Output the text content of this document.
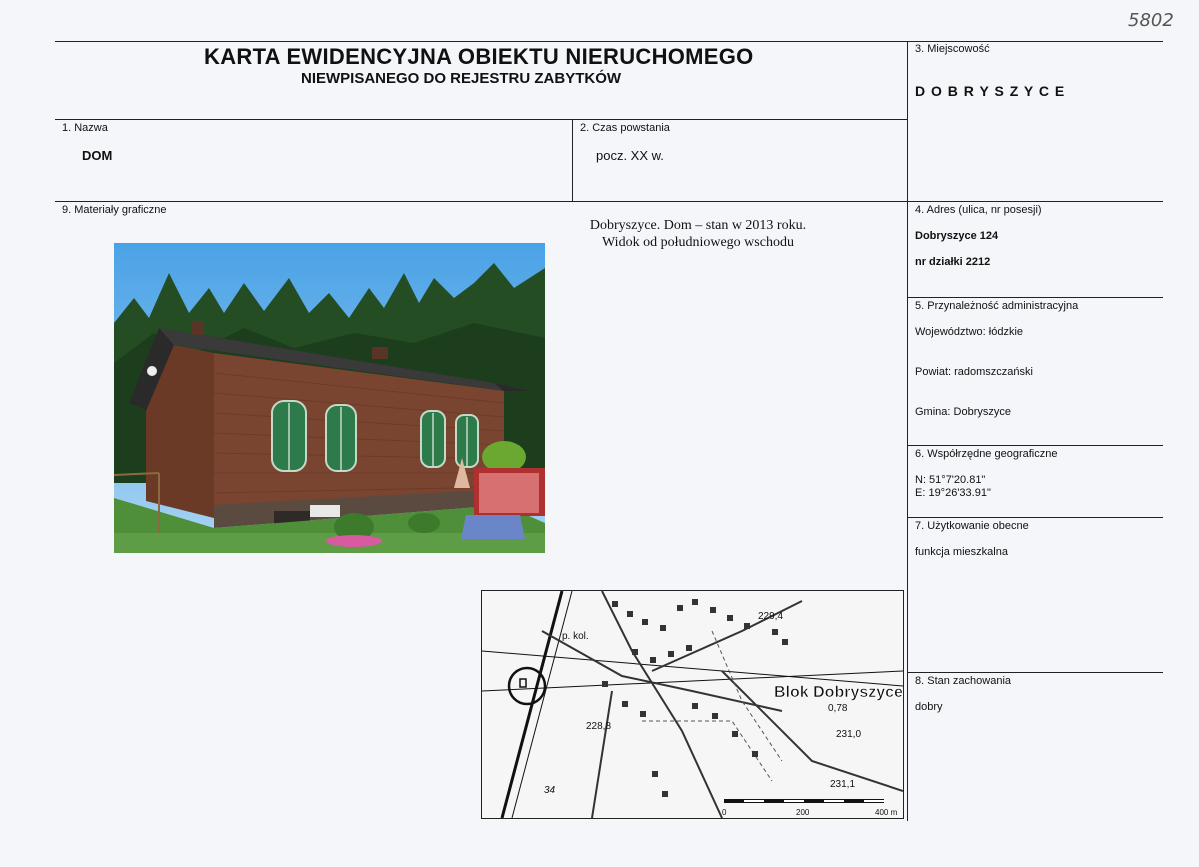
5802
KARTA EWIDENCYJNA OBIEKTU NIERUCHOMEGO
NIEWPISANEGO DO REJESTRU ZABYTKÓW
3. Miejscowość
D O B R Y S Z Y C E
1. Nazwa
DOM
2. Czas powstania
pocz. XX w.
9. Materiały graficzne
Dobryszyce. Dom – stan w 2013 roku.
Widok od południowego wschodu
p. kol.
229,4
228,8
231,0
231,1
0,78
34
Blok Dobryszyce
0	200	400 m
4. Adres (ulica, nr posesji)
Dobryszyce 124
nr działki 2212
5. Przynależność administracyjna
Województwo: łódzkie
Powiat: radomszczański
Gmina: Dobryszyce
6. Współrzędne geograficzne
N: 51°7'20.81"
E: 19°26'33.91"
7. Użytkowanie obecne
funkcja mieszkalna
8. Stan zachowania
dobry
